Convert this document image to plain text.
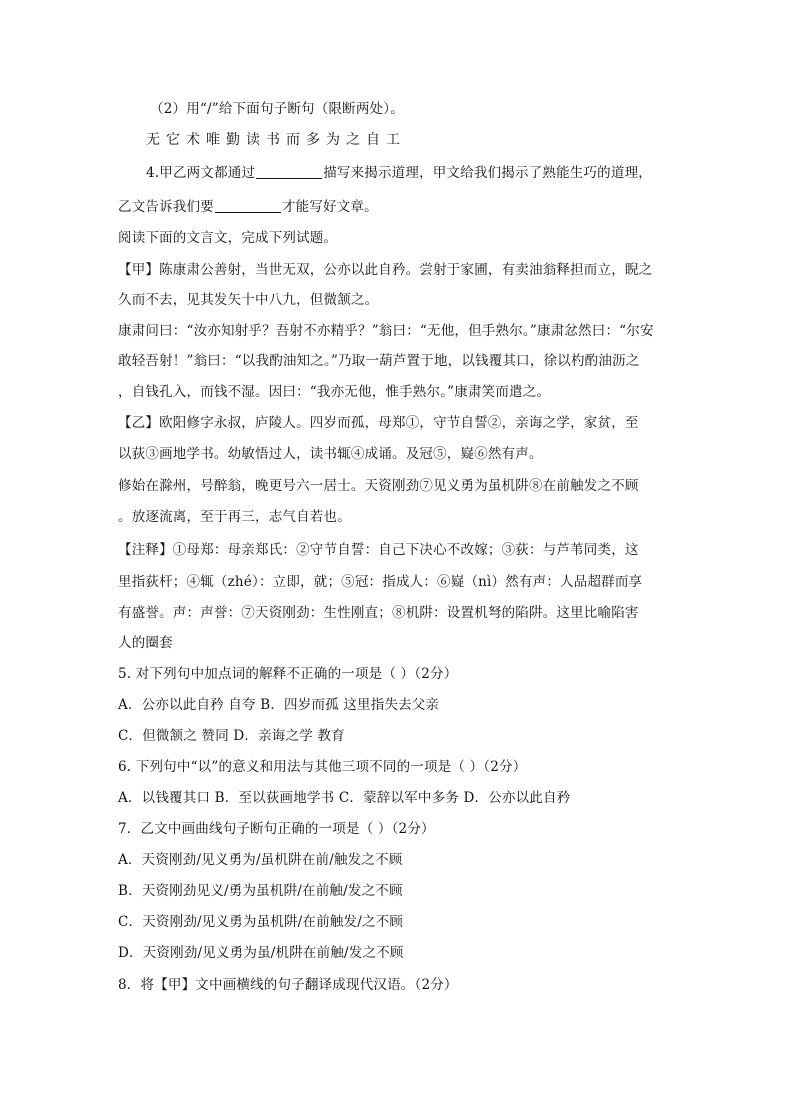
（2）用“/”给下面句子断句（限断两处）。
无它术唯勤读书而多为之自工
4.甲乙两文都通过	描写来揭示道理，甲文给我们揭示了熟能生巧的道理，
乙文告诉我们要	才能写好文章。
阅读下面的文言文，完成下列试题。
【甲】陈康肃公善射，当世无双，公亦以此自矜。尝射于家圃，有卖油翁释担而立，睨之
久而不去，见其发矢十中八九，但微颔之。
康肃问曰：“汝亦知射乎？吾射不亦精乎？”翁曰：“无他，但手熟尔。”康肃忿然曰：“尔安
敢轻吾射！”翁曰：“以我酌油知之。”乃取一葫芦置于地，以钱覆其口，徐以杓酌油沥之
，自钱孔入，而钱不湿。因曰：“我亦无他，惟手熟尔。”康肃笑而遣之。
【乙】欧阳修字永叔，庐陵人。四岁而孤，母郑①，守节自誓②，亲诲之学，家贫，至
以荻③画地学书。幼敏悟过人，读书辄④成诵。及冠⑤，嶷⑥然有声。
修始在滁州，号醉翁，晚更号六一居士。天资刚劲⑦见义勇为虽机阱⑧在前触发之不顾
。放逐流离，至于再三，志气自若也。
【注释】①母郑：母亲郑氏：②守节自誓：自己下决心不改嫁；③荻：与芦苇同类，这
里指荻杆；④辄（zhé）：立即，就；⑤冠：指成人：⑥嶷（nì）然有声：人品超群而享
有盛誉。声：声誉：⑦天资刚劲：生性刚直；⑧机阱：设置机弩的陷阱。这里比喻陷害
人的圈套
5. 对下列句中加点词的解释不正确的一项是（ ）（2分）
A．公亦以此自矜 自夸 B．四岁而孤 这里指失去父亲
C．但微颔之 赞同 D．亲诲之学 教育
6. 下列句中“以”的意义和用法与其他三项不同的一项是（ ）（2分）
A．以钱覆其口 B．至以荻画地学书 C．蒙辞以军中多务 D．公亦以此自矜
7．乙文中画曲线句子断句正确的一项是（ ）（2分）
A．天资刚劲/见义勇为/虽机阱在前/触发之不顾
B．天资刚劲见义/勇为虽机阱/在前触/发之不顾
C．天资刚劲/见义勇为虽机阱/在前触发/之不顾
D．天资刚劲/见义勇为虽/机阱在前触/发之不顾
8．将【甲】文中画横线的句子翻译成现代汉语。（2分）
